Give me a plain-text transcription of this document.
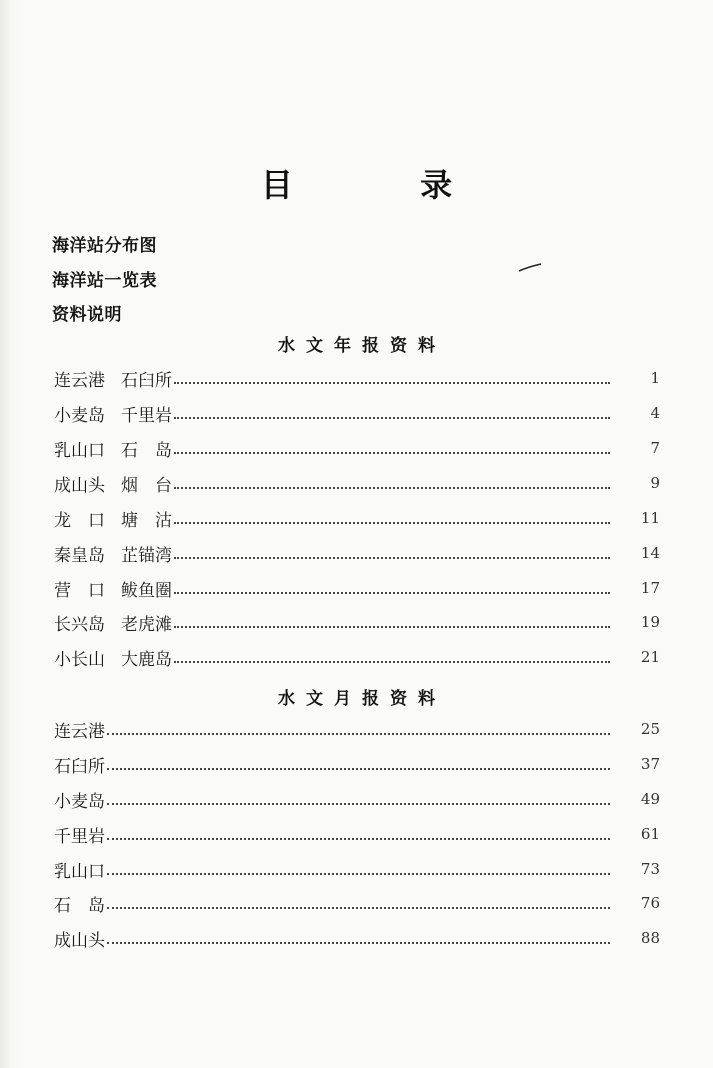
目 录
海洋站分布图
海洋站一览表
资料说明
水文年报资料
连云港 石臼所	1
小麦岛 千里岩	4
乳山口 石　岛	7
成山头 烟　台	9
龙　口 塘　沽	11
秦皇岛 芷锚湾	14
营　口 鲅鱼圈	17
长兴岛 老虎滩	19
小长山 大鹿岛	21
水文月报资料
连云港	25
石臼所	37
小麦岛	49
千里岩	61
乳山口	73
石　岛	76
成山头	88
